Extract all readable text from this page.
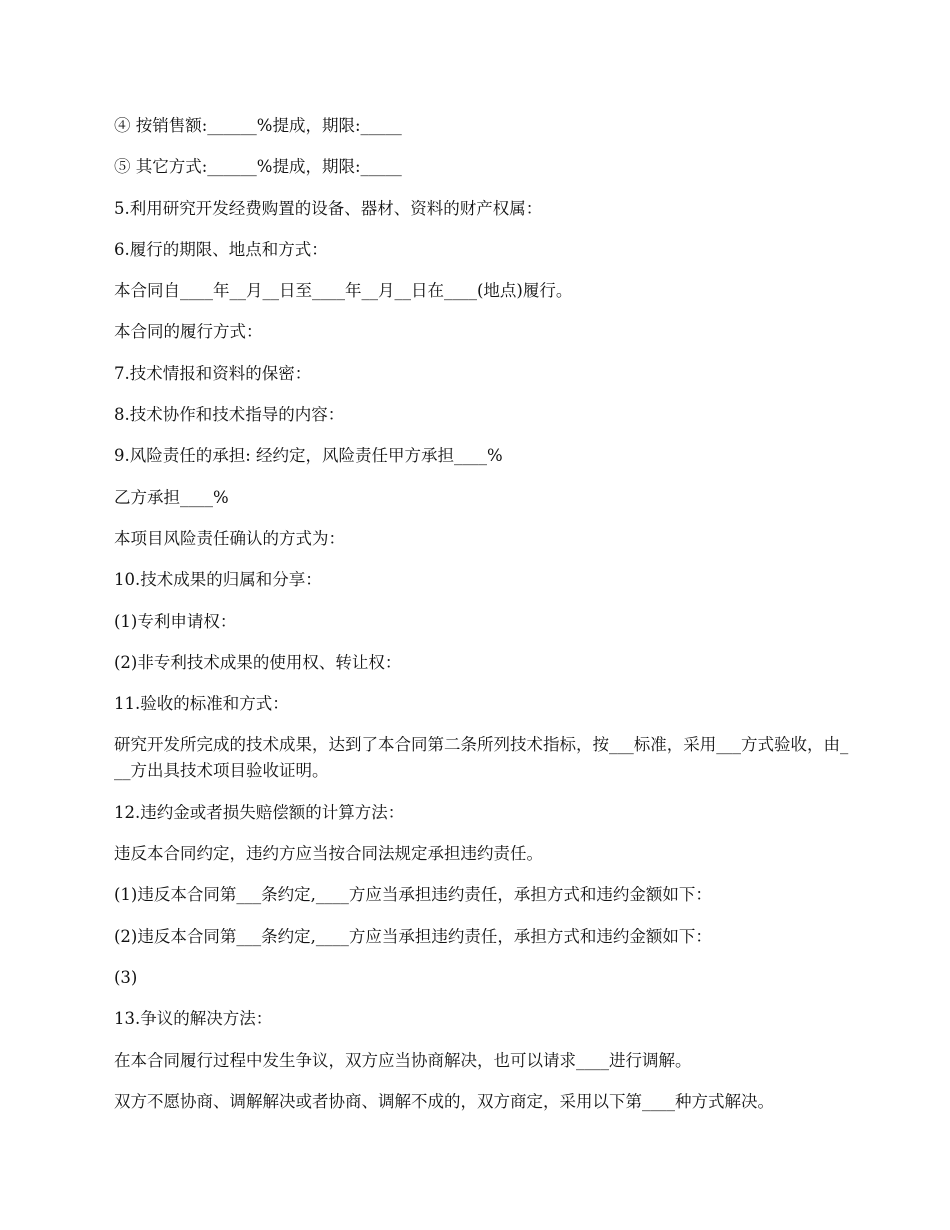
④ 按销售额:______%提成，期限:_____

⑤ 其它方式:______%提成，期限:_____

5.利用研究开发经费购置的设备、器材、资料的财产权属：

6.履行的期限、地点和方式：

本合同自____年__月__日至____年__月__日在____(地点)履行。

本合同的履行方式：

7.技术情报和资料的保密：

8.技术协作和技术指导的内容：

9.风险责任的承担: 经约定，风险责任甲方承担____%

乙方承担____%

本项目风险责任确认的方式为：

10.技术成果的归属和分享：

(1)专利申请权：

(2)非专利技术成果的使用权、转让权：

11.验收的标准和方式：

研究开发所完成的技术成果，达到了本合同第二条所列技术指标，按___标准，采用___方式验收，由___方出具技术项目验收证明。

12.违约金或者损失赔偿额的计算方法：

违反本合同约定，违约方应当按合同法规定承担违约责任。

(1)违反本合同第___条约定,____方应当承担违约责任，承担方式和违约金额如下：

(2)违反本合同第___条约定,____方应当承担违约责任，承担方式和违约金额如下：

(3)

13.争议的解决方法：

在本合同履行过程中发生争议，双方应当协商解决，也可以请求____进行调解。

双方不愿协商、调解解决或者协商、调解不成的，双方商定，采用以下第____种方式解决。
